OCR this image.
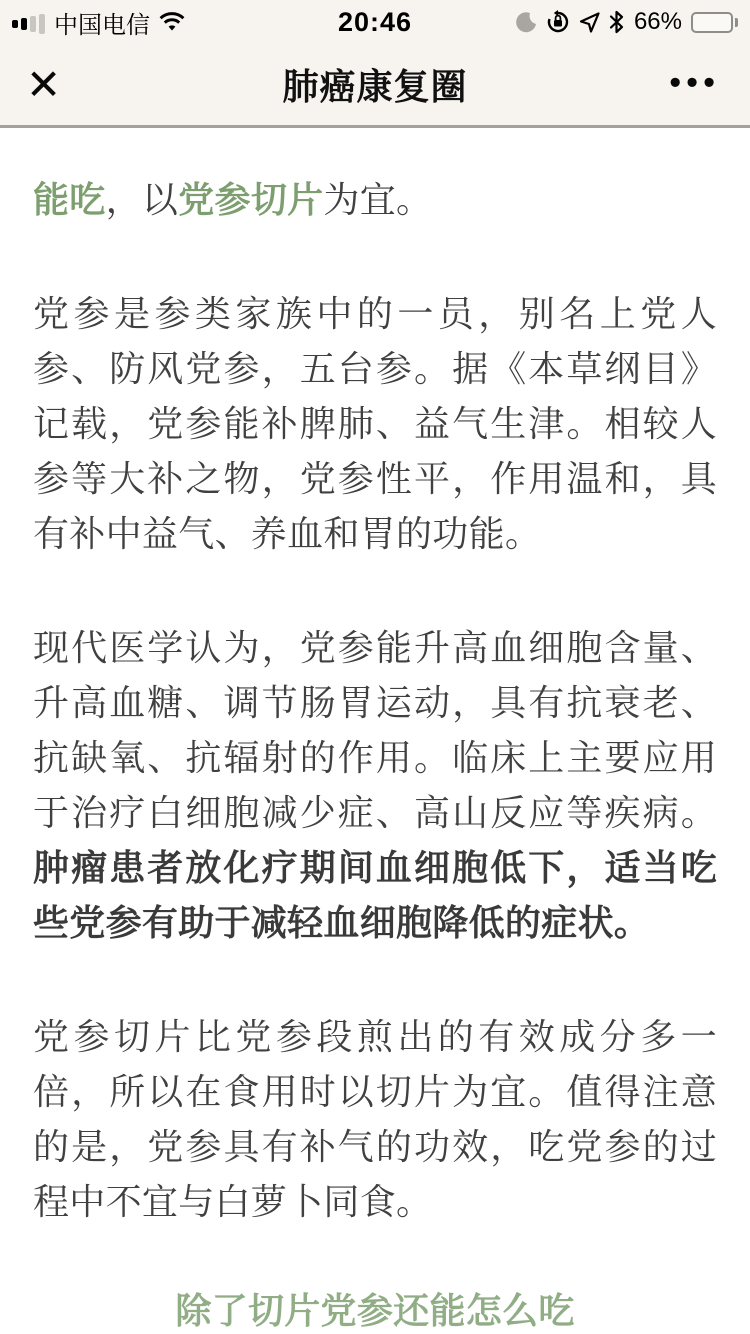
中国电信	20:46	66%
✕	肺癌康复圈	•••

能吃，以党参切片为宜。

党参是参类家族中的一员，别名上党人参、防风党参，五台参。据《本草纲目》记载，党参能补脾肺、益气生津。相较人参等大补之物，党参性平，作用温和，具有补中益气、养血和胃的功能。

现代医学认为，党参能升高血细胞含量、升高血糖、调节肠胃运动，具有抗衰老、抗缺氧、抗辐射的作用。临床上主要应用于治疗白细胞减少症、高山反应等疾病。肿瘤患者放化疗期间血细胞低下，适当吃些党参有助于减轻血细胞降低的症状。

党参切片比党参段煎出的有效成分多一倍，所以在食用时以切片为宜。值得注意的是，党参具有补气的功效，吃党参的过程中不宜与白萝卜同食。

除了切片党参还能怎么吃
